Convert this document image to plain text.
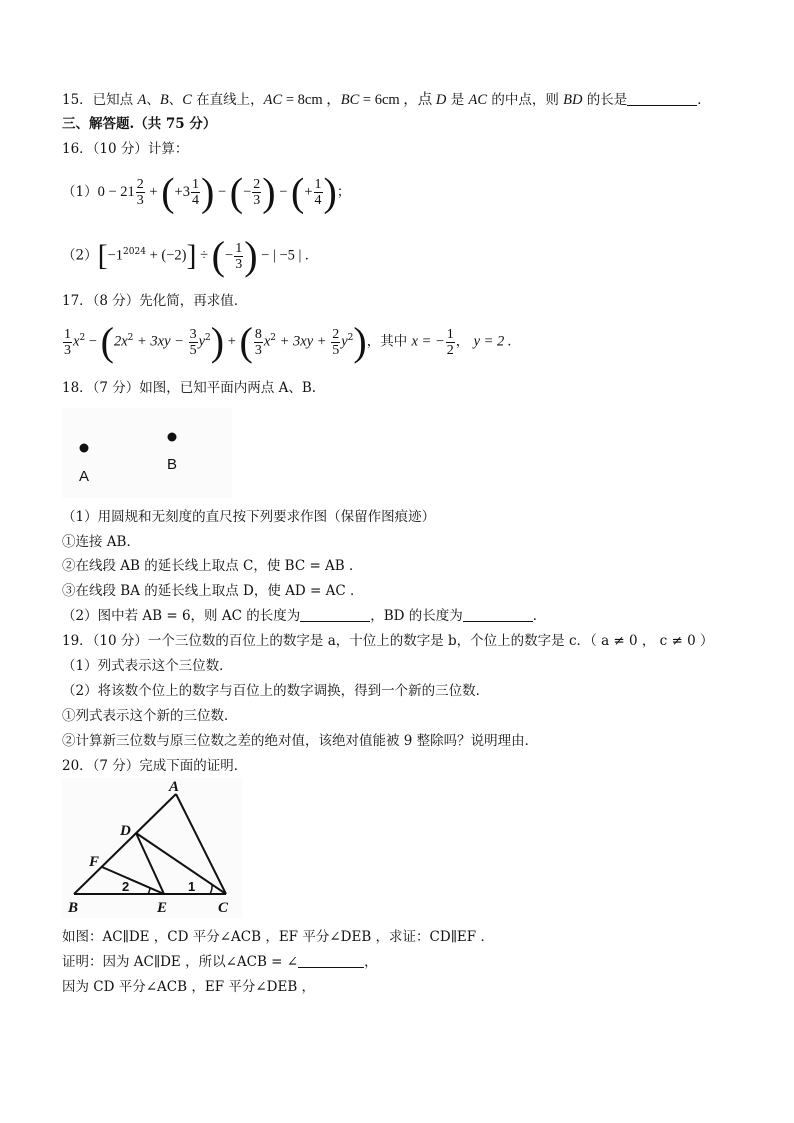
15．已知点 A、B、C 在直线上，AC = 8cm ，BC = 6cm ，点 D 是 AC 的中点，则 BD 的长是	．
三、解答题.（共 75 分）
16．（10 分）计算：
$(1)0 - 21 \frac{2}{3} + (+3 \frac{1}{4}$ ) − (− $\frac{2}{3}$ ) − (+ $\frac{1}{4}$ )；
$(2)[-1^{2024} + (-2)]$ ÷ (− $\frac{1}{3}$ ) − | −5 | .
17．（8 分）先化简，再求值．
$\frac{1}{3} x^2 - (2x^2 + 3xy - \frac{3}{5} y^2)$ + ( $\frac{8}{3} x^2 + 3xy + \frac{2}{5} y^2$)，其中 x = − $\frac{1}{2}$ ， y = 2 .
18．（7 分）如图，已知平面内两点 A、B.
A
B
（1）用圆规和无刻度的直尺按下列要求作图（保留作图痕迹）
①连接 AB．
②在线段 AB 的延长线上取点 C，使 BC = AB ．
③在线段 BA 的延长线上取点 D，使 AD = AC ．
（2）图中若 AB = 6，则 AC 的长度为	，BD 的长度为	．
19．（10 分）一个三位数的百位上的数字是 a，十位上的数字是 b，个位上的数字是 c．（ a ≠ 0 ， c ≠ 0 ）
（1）列式表示这个三位数．
（2）将该数个位上的数字与百位上的数字调换，得到一个新的三位数．
①列式表示这个新的三位数．
②计算新三位数与原三位数之差的绝对值，该绝对值能被 9 整除吗？说明理由．
20．（7 分）完成下面的证明．
A
D
F
B	E	C
1
2
如图：AC∥DE ，CD 平分∠ACB ，EF 平分∠DEB ，求证：CD∥EF ．
证明：因为 AC∥DE ，所以∠ACB = ∠	，
因为 CD 平分∠ACB ，EF 平分∠DEB ，
